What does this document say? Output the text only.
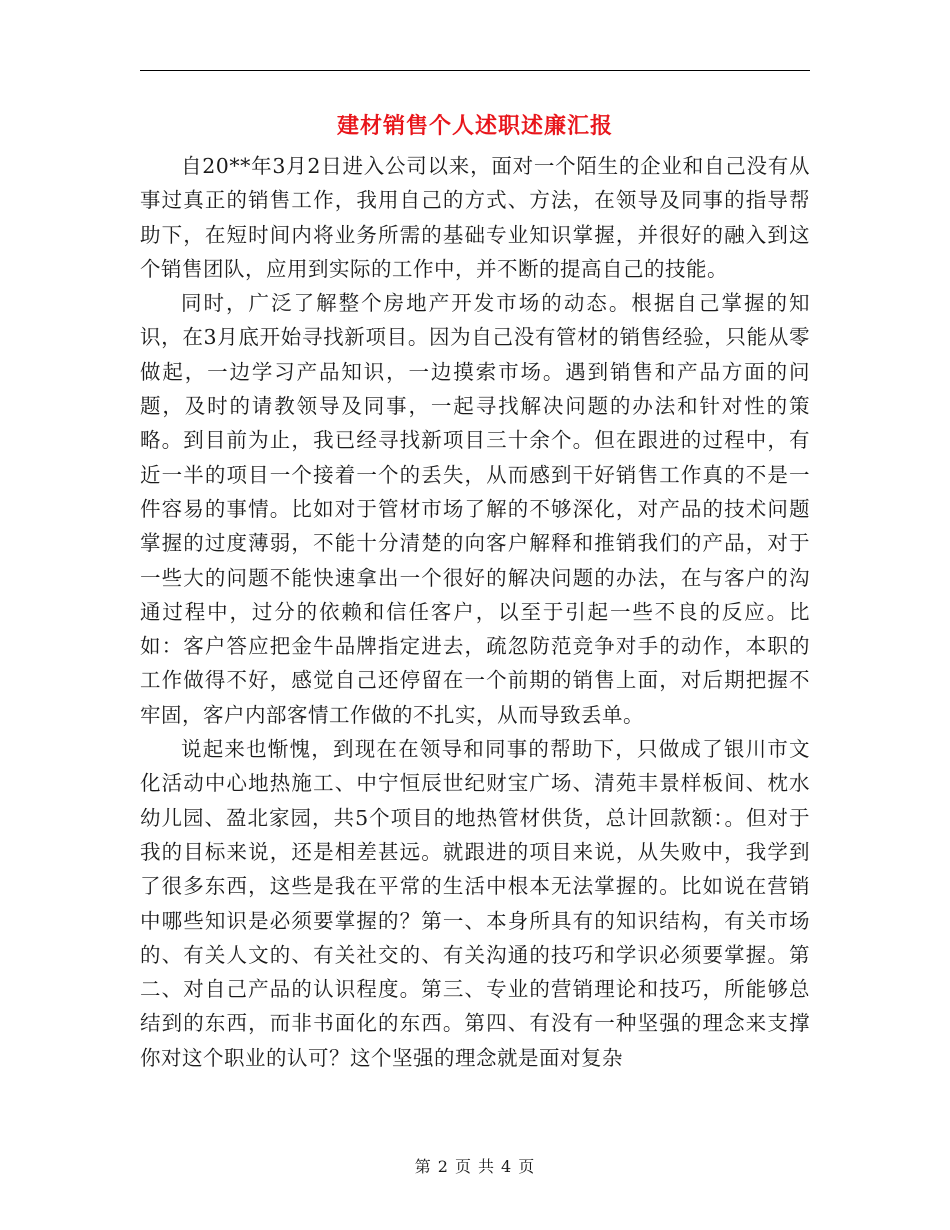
建材销售个人述职述廉汇报

自20**年3月2日进入公司以来，面对一个陌生的企业和自己没有从事过真正的销售工作，我用自己的方式、方法，在领导及同事的指导帮助下，在短时间内将业务所需的基础专业知识掌握，并很好的融入到这个销售团队，应用到实际的工作中，并不断的提高自己的技能。

同时，广泛了解整个房地产开发市场的动态。根据自己掌握的知识，在3月底开始寻找新项目。因为自己没有管材的销售经验，只能从零做起，一边学习产品知识，一边摸索市场。遇到销售和产品方面的问题，及时的请教领导及同事，一起寻找解决问题的办法和针对性的策略。到目前为止，我已经寻找新项目三十余个。但在跟进的过程中，有近一半的项目一个接着一个的丢失，从而感到干好销售工作真的不是一件容易的事情。比如对于管材市场了解的不够深化，对产品的技术问题掌握的过度薄弱，不能十分清楚的向客户解释和推销我们的产品，对于一些大的问题不能快速拿出一个很好的解决问题的办法，在与客户的沟通过程中，过分的依赖和信任客户，以至于引起一些不良的反应。比如：客户答应把金牛品牌指定进去，疏忽防范竞争对手的动作，本职的工作做得不好，感觉自己还停留在一个前期的销售上面，对后期把握不牢固，客户内部客情工作做的不扎实，从而导致丢单。

说起来也惭愧，到现在在领导和同事的帮助下，只做成了银川市文化活动中心地热施工、中宁恒辰世纪财宝广场、清苑丰景样板间、枕水幼儿园、盈北家园，共5个项目的地热管材供货，总计回款额：。但对于我的目标来说，还是相差甚远。就跟进的项目来说，从失败中，我学到了很多东西，这些是我在平常的生活中根本无法掌握的。比如说在营销中哪些知识是必须要掌握的？第一、本身所具有的知识结构，有关市场的、有关人文的、有关社交的、有关沟通的技巧和学识必须要掌握。第二、对自己产品的认识程度。第三、专业的营销理论和技巧，所能够总结到的东西，而非书面化的东西。第四、有没有一种坚强的理念来支撑你对这个职业的认可？这个坚强的理念就是面对复杂

第 2 页 共 4 页
